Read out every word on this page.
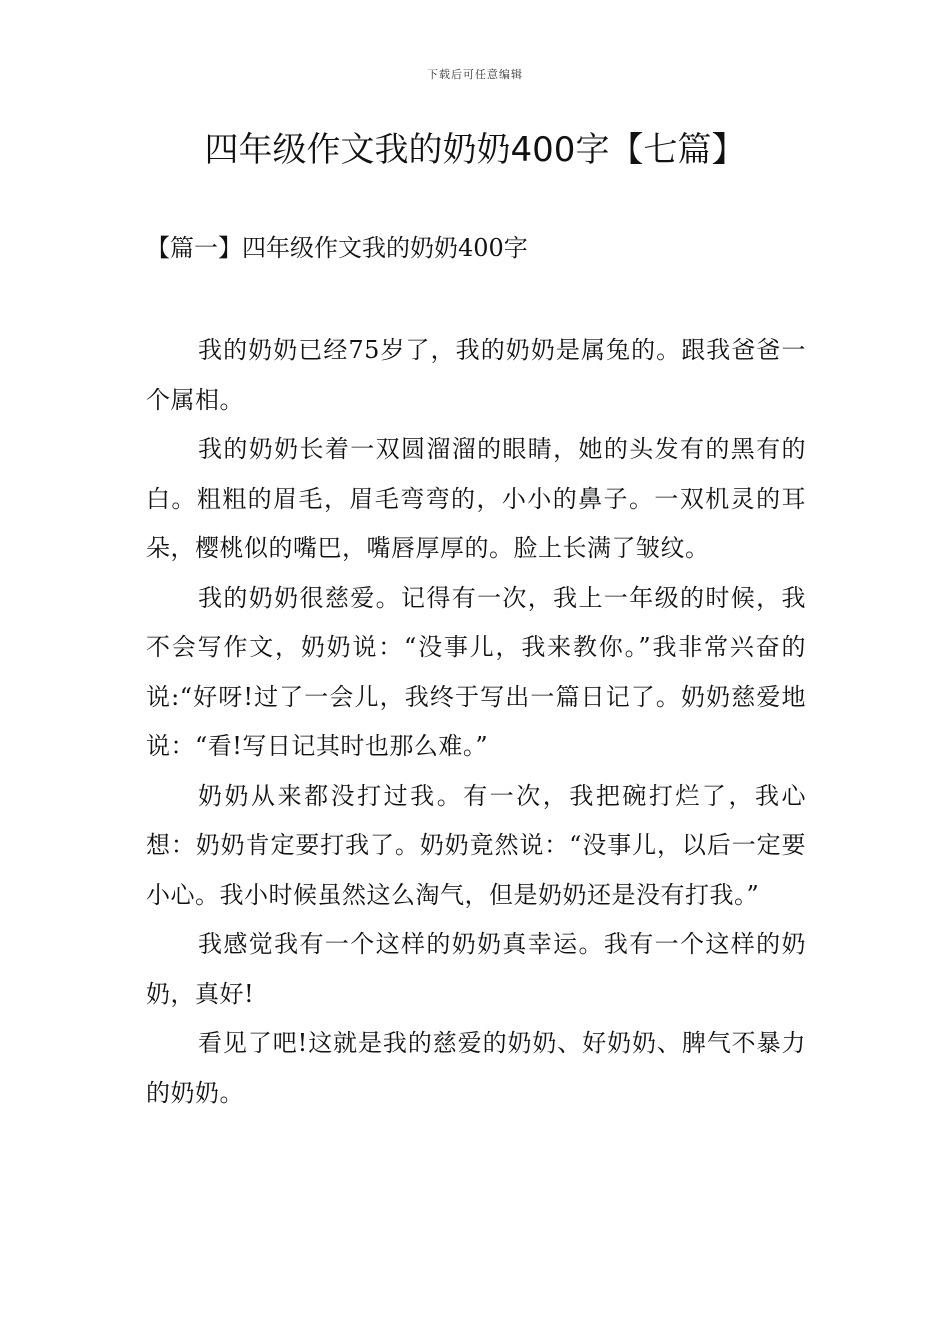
下载后可任意编辑
四年级作文我的奶奶400字【七篇】
【篇一】四年级作文我的奶奶400字

我的奶奶已经75岁了，我的奶奶是属兔的。跟我爸爸一个属相。

我的奶奶长着一双圆溜溜的眼睛，她的头发有的黑有的白。粗粗的眉毛，眉毛弯弯的，小小的鼻子。一双机灵的耳朵，樱桃似的嘴巴，嘴唇厚厚的。脸上长满了皱纹。

我的奶奶很慈爱。记得有一次，我上一年级的时候，我不会写作文，奶奶说：“没事儿，我来教你。”我非常兴奋的说:“好呀!过了一会儿，我终于写出一篇日记了。奶奶慈爱地说：“看!写日记其时也那么难。”

奶奶从来都没打过我。有一次，我把碗打烂了，我心想：奶奶肯定要打我了。奶奶竟然说：“没事儿，以后一定要小心。我小时候虽然这么淘气，但是奶奶还是没有打我。”

我感觉我有一个这样的奶奶真幸运。我有一个这样的奶奶，真好!

看见了吧!这就是我的慈爱的奶奶、好奶奶、脾气不暴力的奶奶。
